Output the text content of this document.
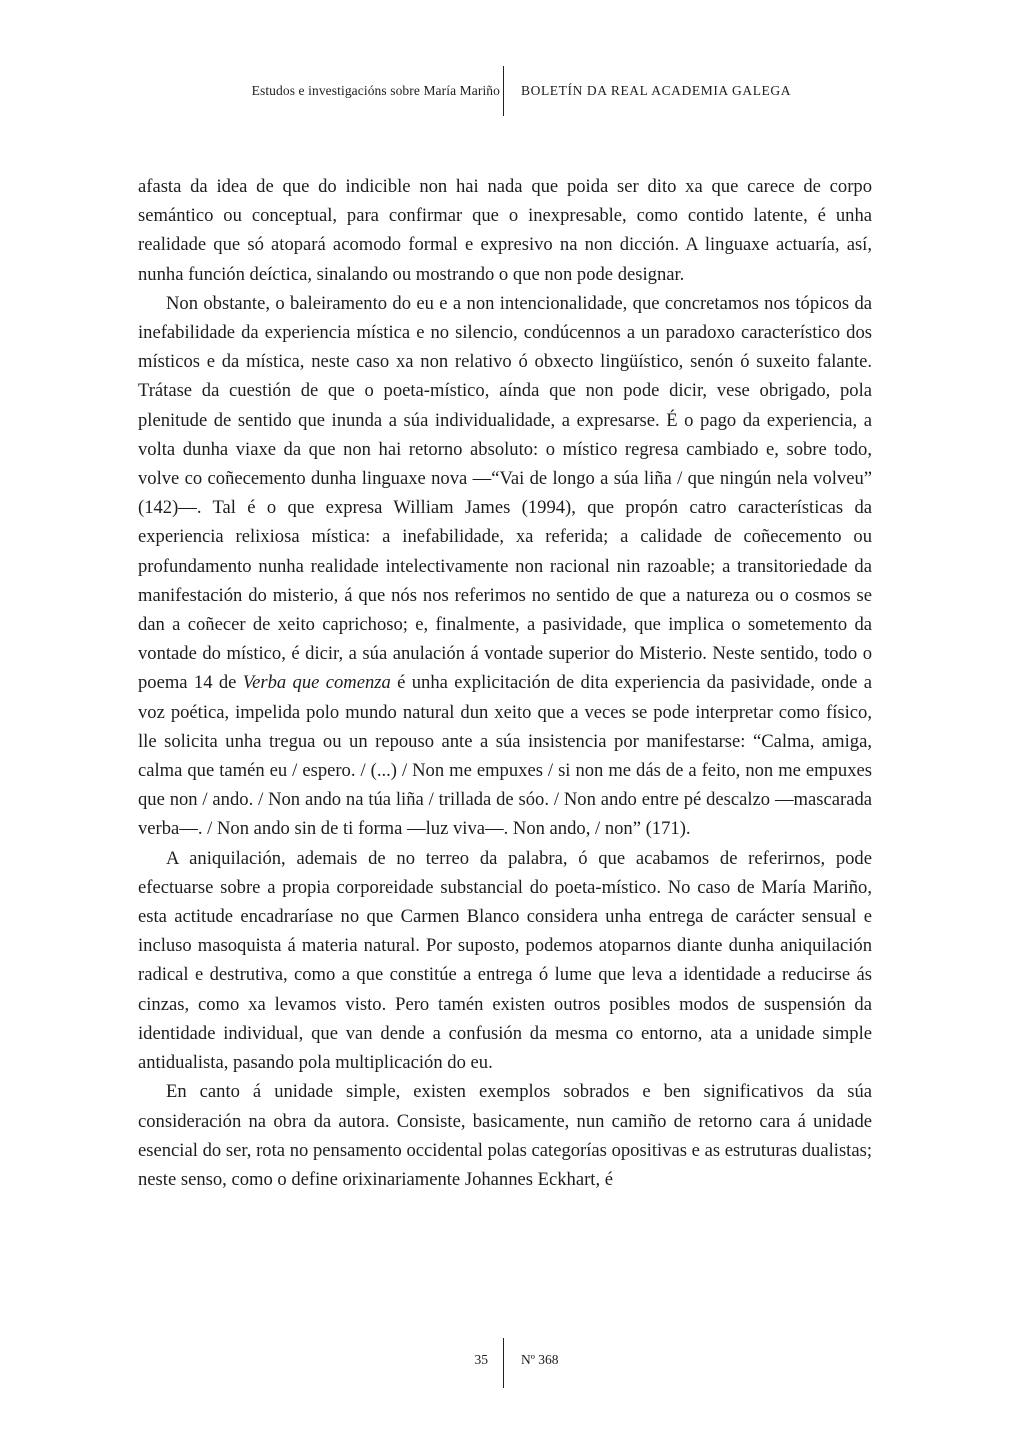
Estudos e investigacións sobre María Mariño BOLETÍN DA REAL ACADEMIA GALEGA

afasta da idea de que do indicible non hai nada que poida ser dito xa que carece de corpo semántico ou conceptual, para confirmar que o inexpresable, como contido latente, é unha realidade que só atopará acomodo formal e expresivo na non dicción. A linguaxe actuaría, así, nunha función deíctica, sinalando ou mostrando o que non pode designar.

Non obstante, o baleiramento do eu e a non intencionalidade, que concretamos nos tópicos da inefabilidade da experiencia mística e no silencio, condúcennos a un paradoxo característico dos místicos e da mística, neste caso xa non relativo ó obxecto lingüístico, senón ó suxeito falante. Trátase da cuestión de que o poeta-místico, aínda que non pode dicir, vese obrigado, pola plenitude de sentido que inunda a súa individualidade, a expresarse. É o pago da experiencia, a volta dunha viaxe da que non hai retorno absoluto: o místico regresa cambiado e, sobre todo, volve co coñecemento dunha linguaxe nova —“Vai de longo a súa liña / que ningún nela volveu” (142)—. Tal é o que expresa William James (1994), que propón catro características da experiencia relixiosa mística: a inefabilidade, xa referida; a calidade de coñecemento ou profundamento nunha realidade intelectivamente non racional nin razoable; a transitoriedade da manifestación do misterio, á que nós nos referimos no sentido de que a natureza ou o cosmos se dan a coñecer de xeito caprichoso; e, finalmente, a pasividade, que implica o sometemento da vontade do místico, é dicir, a súa anulación á vontade superior do Misterio. Neste sentido, todo o poema 14 de Verba que comenza é unha explicitación de dita experiencia da pasividade, onde a voz poética, impelida polo mundo natural dun xeito que a veces se pode interpretar como físico, lle solicita unha tregua ou un repouso ante a súa insistencia por manifestarse: “Calma, amiga, calma que tamén eu / espero. / (...) / Non me empuxes / si non me dás de a feito, non me empuxes que non / ando. / Non ando na túa liña / trillada de sóo. / Non ando entre pé descalzo —mascarada verba—. / Non ando sin de ti forma —luz viva—. Non ando, / non” (171).

A aniquilación, ademais de no terreo da palabra, ó que acabamos de referirnos, pode efectuarse sobre a propia corporeidade substancial do poeta-místico. No caso de María Mariño, esta actitude encadraríase no que Carmen Blanco considera unha entrega de carácter sensual e incluso masoquista á materia natural. Por suposto, podemos atoparnos diante dunha aniquilación radical e destrutiva, como a que constitúe a entrega ó lume que leva a identidade a reducirse ás cinzas, como xa levamos visto. Pero tamén existen outros posibles modos de suspensión da identidade individual, que van dende a confusión da mesma co entorno, ata a unidade simple antidualista, pasando pola multiplicación do eu.

En canto á unidade simple, existen exemplos sobrados e ben significativos da súa consideración na obra da autora. Consiste, basicamente, nun camiño de retorno cara á unidade esencial do ser, rota no pensamento occidental polas categorías opositivas e as estruturas dualistas; neste senso, como o define orixinariamente Johannes Eckhart, é

35 Nº 368
